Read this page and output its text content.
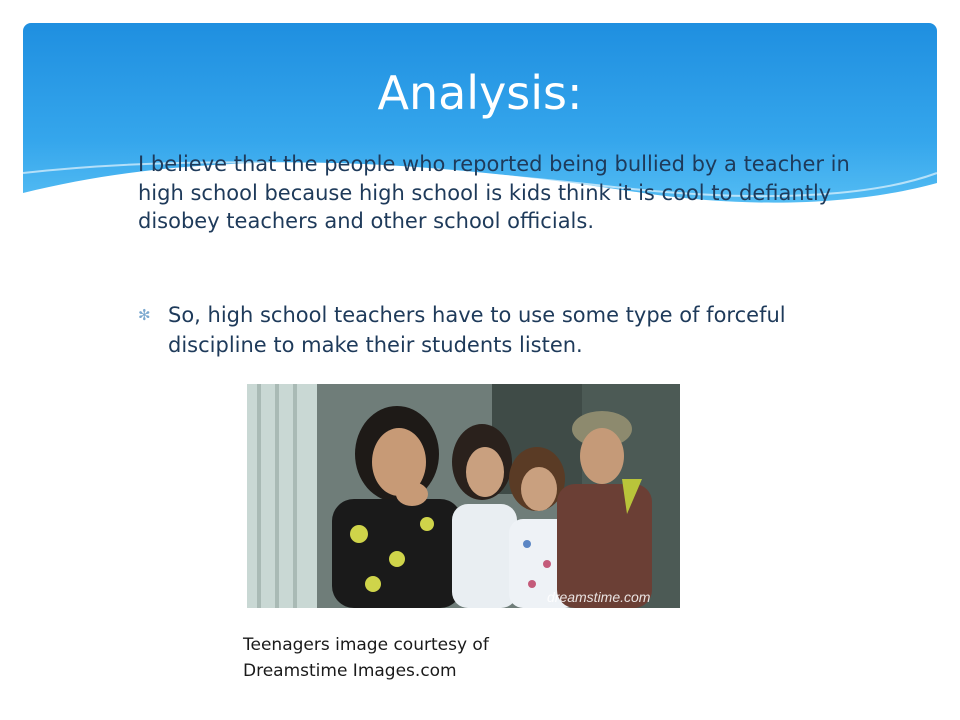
Analysis:

I believe that the people who reported being bullied by a teacher in high school because high school is kids think it is cool to defiantly disobey teachers and other school officials.

✻ So, high school teachers have to use some type of forceful discipline to make their students listen.
dreamstime.com
Teenagers image courtesy of
Dreamstime Images.com
